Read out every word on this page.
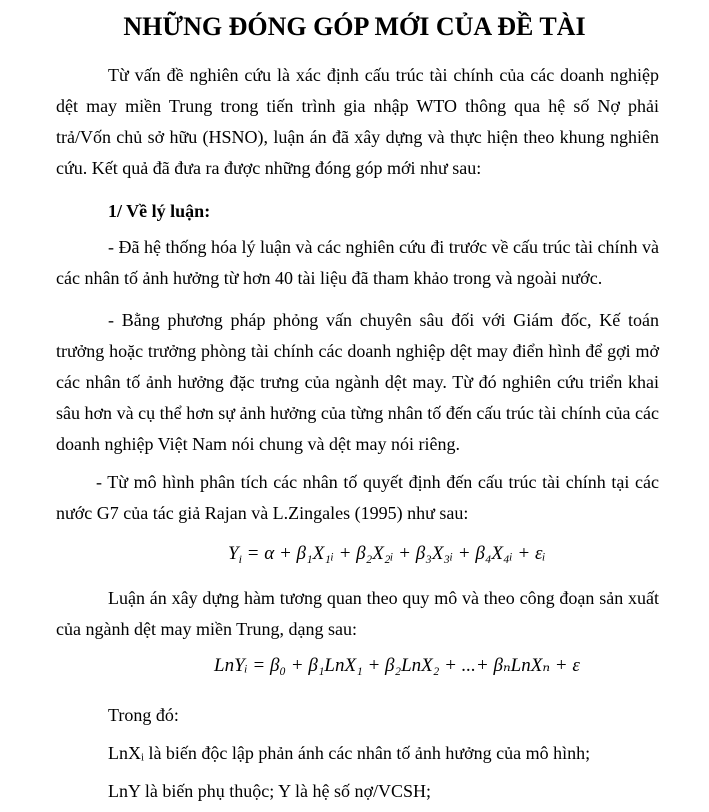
NHỮNG ĐÓNG GÓP MỚI CỦA ĐỀ TÀI
Từ vấn đề nghiên cứu là xác định cấu trúc tài chính của các doanh nghiệp
dệt may miền Trung trong tiến trình gia nhập WTO thông qua hệ số Nợ phải
trả/Vốn chủ sở hữu (HSNO), luận án đã xây dựng và thực hiện theo khung nghiên
cứu. Kết quả đã đưa ra được những đóng góp mới như sau:
1/ Về lý luận:
- Đã hệ thống hóa lý luận và các nghiên cứu đi trước về cấu trúc tài chính và
các nhân tố ảnh hưởng từ hơn 40 tài liệu đã tham khảo trong và ngoài nước.
- Bằng phương pháp phỏng vấn chuyên sâu đối với Giám đốc, Kế toán
trưởng hoặc trưởng phòng tài chính các doanh nghiệp dệt may điển hình để gợi mở
các nhân tố ảnh hưởng đặc trưng của ngành dệt may. Từ đó nghiên cứu triển khai
sâu hơn và cụ thể hơn sự ảnh hưởng của từng nhân tố đến cấu trúc tài chính của các
doanh nghiệp Việt Nam nói chung và dệt may nói riêng.
- Từ mô hình phân tích các nhân tố quyết định đến cấu trúc tài chính tại các
nước G7 của tác giả Rajan và L.Zingales (1995) như sau:
$Y_i = \alpha$ + β₁X₁ᵢ + β₂X₂ᵢ + β₃X₃ᵢ + β₄X₄ᵢ + εᵢ
Luận án xây dựng hàm tương quan theo quy mô và theo công đoạn sản xuất
của ngành dệt may miền Trung, dạng sau:
LnYᵢ = β₀ + β₁LnX₁ + β₂LnX₂ + ...+ βₙLnXₙ + ε
Trong đó:
LnXᵢ là biến độc lập phản ánh các nhân tố ảnh hưởng của mô hình;
LnY là biến phụ thuộc; Y là hệ số nợ/VCSH;
